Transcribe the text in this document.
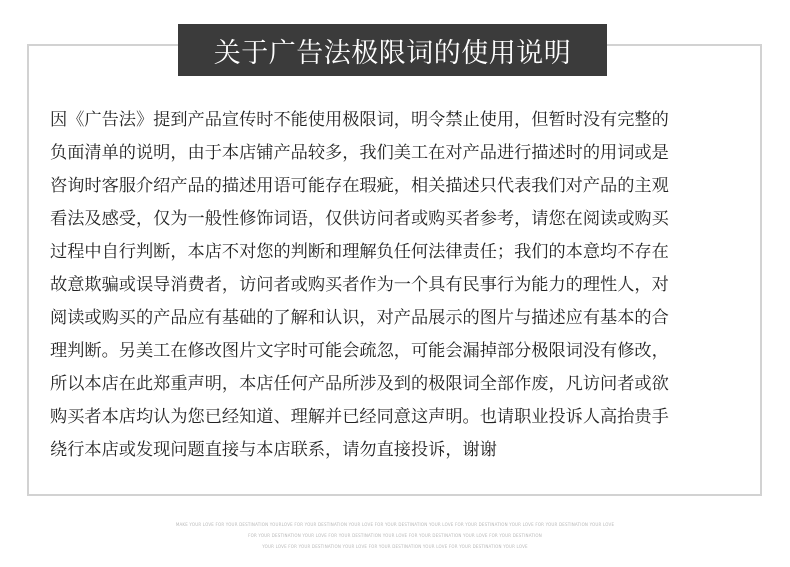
关于广告法极限词的使用说明
因《广告法》提到产品宣传时不能使用极限词，明令禁止使用，但暂时没有完整的
负面清单的说明，由于本店铺产品较多，我们美工在对产品进行描述时的用词或是
咨询时客服介绍产品的描述用语可能存在瑕疵，相关描述只代表我们对产品的主观
看法及感受，仅为一般性修饰词语，仅供访问者或购买者参考，请您在阅读或购买
过程中自行判断，本店不对您的判断和理解负任何法律责任；我们的本意均不存在
故意欺骗或误导消费者，访问者或购买者作为一个具有民事行为能力的理性人，对
阅读或购买的产品应有基础的了解和认识，对产品展示的图片与描述应有基本的合
理判断。另美工在修改图片文字时可能会疏忽，可能会漏掉部分极限词没有修改，
所以本店在此郑重声明，本店任何产品所涉及到的极限词全部作废，凡访问者或欲
购买者本店均认为您已经知道、理解并已经同意这声明。也请职业投诉人高抬贵手
绕行本店或发现问题直接与本店联系，请勿直接投诉，谢谢
MAKE YOUR LOVE FOR YOUR DESTINATION YOURLOVE FOR YOUR DESTINATION YOUR LOVE FOR YOUR DESTINATION YOUR LOVE FOR YOUR DESTINATION YOUR LOVE FOR YOUR DESTINATION YOUR LOVE
FOR YOUR DESTINATION YOUR LOVE FOR YOUR DESTINATION YOUR LOVE FOR YOUR DESTINATION YOUR LOVE FOR YOUR DESTINATION
YOUR LOVE FOR YOUR DESTINATION YOUR LOVE FOR YOUR DESTINATION YOUR LOVE FOR YOUR DESTINATION YOUR LOVE
